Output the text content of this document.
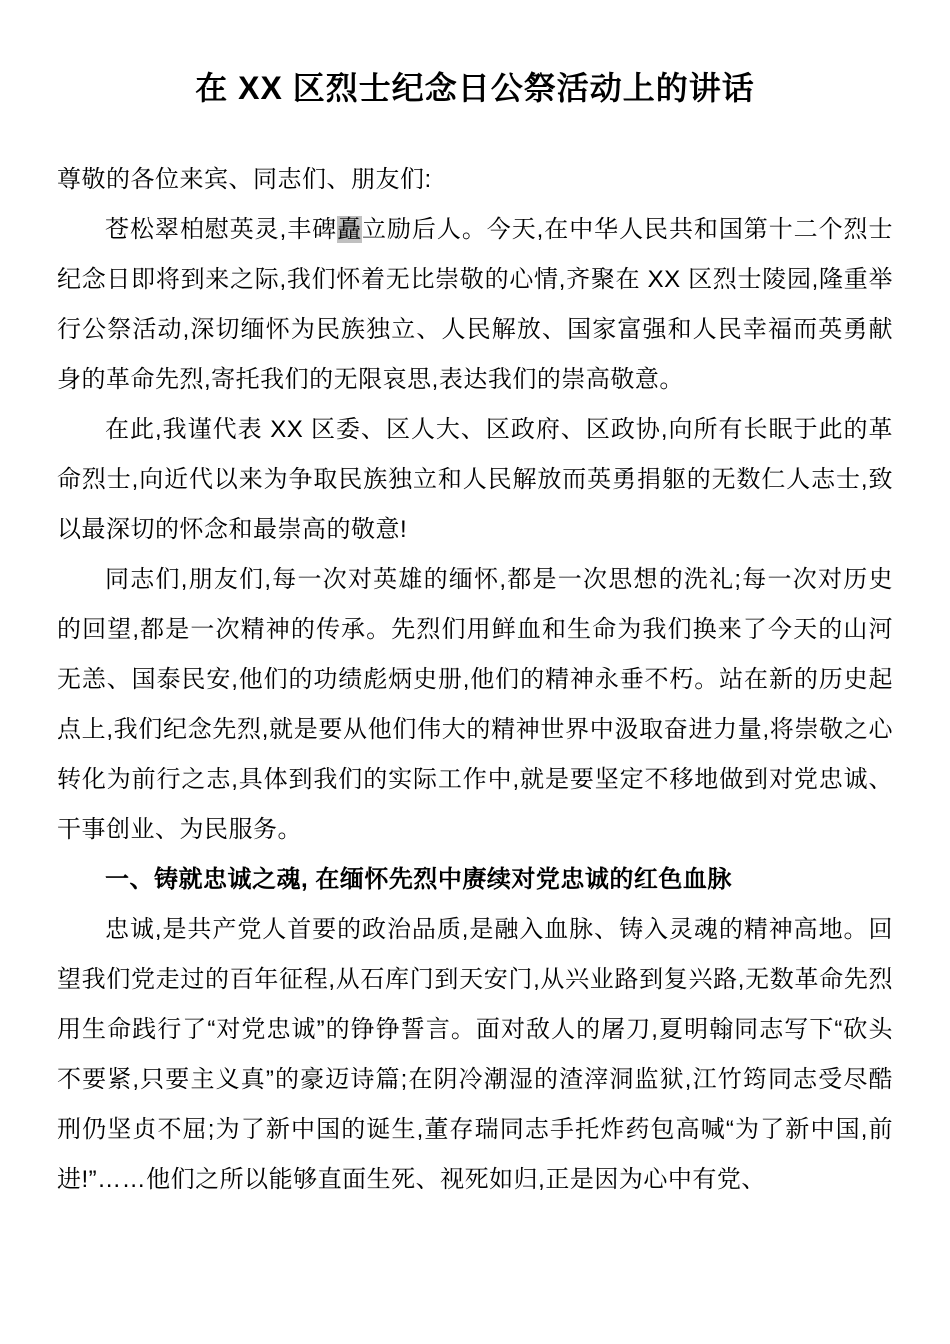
在 XX 区烈士纪念日公祭活动上的讲话

尊敬的各位来宾、同志们、朋友们:

苍松翠柏慰英灵,丰碑矗立励后人。今天,在中华人民共和国第十二个烈士纪念日即将到来之际,我们怀着无比崇敬的心情,齐聚在 XX 区烈士陵园,隆重举行公祭活动,深切缅怀为民族独立、人民解放、国家富强和人民幸福而英勇献身的革命先烈,寄托我们的无限哀思,表达我们的崇高敬意。

在此,我谨代表 XX 区委、区人大、区政府、区政协,向所有长眠于此的革命烈士,向近代以来为争取民族独立和人民解放而英勇捐躯的无数仁人志士,致以最深切的怀念和最崇高的敬意!

同志们,朋友们,每一次对英雄的缅怀,都是一次思想的洗礼;每一次对历史的回望,都是一次精神的传承。先烈们用鲜血和生命为我们换来了今天的山河无恙、国泰民安,他们的功绩彪炳史册,他们的精神永垂不朽。站在新的历史起点上,我们纪念先烈,就是要从他们伟大的精神世界中汲取奋进力量,将崇敬之心转化为前行之志,具体到我们的实际工作中,就是要坚定不移地做到对党忠诚、干事创业、为民服务。

一、铸就忠诚之魂, 在缅怀先烈中赓续对党忠诚的红色血脉

忠诚,是共产党人首要的政治品质,是融入血脉、铸入灵魂的精神高地。回望我们党走过的百年征程,从石库门到天安门,从兴业路到复兴路,无数革命先烈用生命践行了“对党忠诚”的铮铮誓言。面对敌人的屠刀,夏明翰同志写下“砍头不要紧,只要主义真”的豪迈诗篇;在阴冷潮湿的渣滓洞监狱,江竹筠同志受尽酷刑仍坚贞不屈;为了新中国的诞生,董存瑞同志手托炸药包高喊“为了新中国,前进!”……他们之所以能够直面生死、视死如归,正是因为心中有党、
